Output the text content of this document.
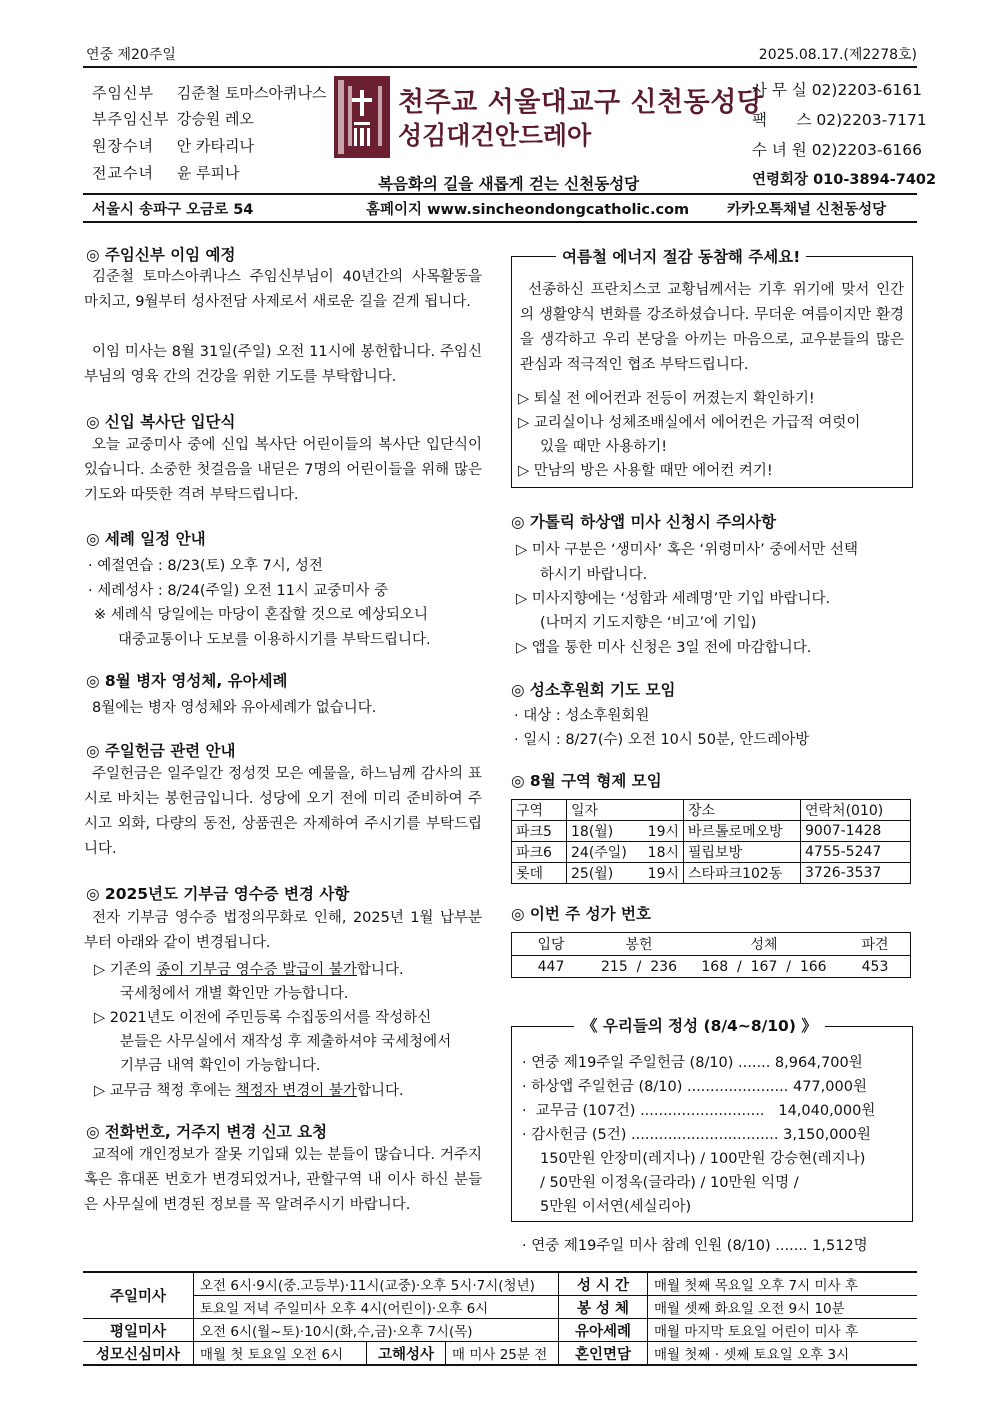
연중 제20주일	2025.08.17.(제2278호)
주임신부 김준철 토마스아퀴나스
부주임신부 강승원 레오
원장수녀 안 카타리나
전교수녀 윤 루피나
천주교 서울대교구 신천동성당
성김대건안드레아
복음화의 길을 새롭게 걷는 신천동성당
사 무 실 02)2203-6161
팩      스 02)2203-7171
수 녀 원 02)2203-6166
연령회장 010-3894-7402
서울시 송파구 오금로 54	홈페이지 www.sincheondongcatholic.com	카카오톡채널 신천동성당
◎ 주임신부 이임 예정
김준철 토마스아퀴나스 주임신부님이 40년간의 사목활동을 마치고, 9월부터 성사전담 사제로서 새로운 길을 걷게 됩니다.
이임 미사는 8월 31일(주일) 오전 11시에 봉헌합니다. 주임신부님의 영육 간의 건강을 위한 기도를 부탁합니다.
◎ 신입 복사단 입단식
오늘 교중미사 중에 신입 복사단 어린이들의 복사단 입단식이 있습니다. 소중한 첫걸음을 내딛은 7명의 어린이들을 위해 많은 기도와 따뜻한 격려 부탁드립니다.
◎ 세례 일정 안내
· 예절연습 : 8/23(토) 오후 7시, 성전
· 세례성사 : 8/24(주일) 오전 11시 교중미사 중
※ 세례식 당일에는 마당이 혼잡할 것으로 예상되오니
대중교통이나 도보를 이용하시기를 부탁드립니다.
◎ 8월 병자 영성체, 유아세례
8월에는 병자 영성체와 유아세례가 없습니다.
◎ 주일헌금 관련 안내
주일헌금은 일주일간 정성껏 모은 예물을, 하느님께 감사의 표시로 바치는 봉헌금입니다. 성당에 오기 전에 미리 준비하여 주시고 외화, 다량의 동전, 상품권은 자제하여 주시기를 부탁드립니다.
◎ 2025년도 기부금 영수증 변경 사항
전자 기부금 영수증 법정의무화로 인해, 2025년 1월 납부분부터 아래와 같이 변경됩니다.
▷ 기존의 종이 기부금 영수증 발급이 불가합니다.
국세청에서 개별 확인만 가능합니다.
▷ 2021년도 이전에 주민등록 수집동의서를 작성하신
분들은 사무실에서 재작성 후 제출하셔야 국세청에서
기부금 내역 확인이 가능합니다.
▷ 교무금 책정 후에는 책정자 변경이 불가합니다.
◎ 전화번호, 거주지 변경 신고 요청
교적에 개인정보가 잘못 기입돼 있는 분들이 많습니다. 거주지 혹은 휴대폰 번호가 변경되었거나, 관할구역 내 이사 하신 분들은 사무실에 변경된 정보를 꼭 알려주시기 바랍니다.
여름철 에너지 절감 동참해 주세요!
선종하신 프란치스코 교황님께서는 기후 위기에 맞서 인간의 생활양식 변화를 강조하셨습니다. 무더운 여름이지만 환경을 생각하고 우리 본당을 아끼는 마음으로, 교우분들의 많은 관심과 적극적인 협조 부탁드립니다.
▷ 퇴실 전 에어컨과 전등이 꺼졌는지 확인하기!
▷ 교리실이나 성체조배실에서 에어컨은 가급적 여럿이
있을 때만 사용하기!
▷ 만남의 방은 사용할 때만 에어컨 켜기!
◎ 가톨릭 하상앱 미사 신청시 주의사항
▷ 미사 구분은 ‘생미사’ 혹은 ‘위령미사’ 중에서만 선택
하시기 바랍니다.
▷ 미사지향에는 ‘성함과 세례명’만 기입 바랍니다.
(나머지 기도지향은 ‘비고’에 기입)
▷ 앱을 통한 미사 신청은 3일 전에 마감합니다.
◎ 성소후원회 기도 모임
· 대상 : 성소후원회원
· 일시 : 8/27(수) 오전 10시 50분, 안드레아방
◎ 8월 구역 형제 모임
구역	일자		장소	연락처(010)
파크5	18(월)	19시	바르톨로메오방	9007-1428
파크6	24(주일)	18시	필립보방	4755-5247
롯데	25(월)	19시	스타파크102동	3726-3537
◎ 이번 주 성가 번호
입당	봉헌	성체	파견
447	215  /  236	168  /  167  /  166	453
《 우리들의 정성 (8/4~8/10) 》
· 연중 제19주일 주일헌금 (8/10) ....... 8,964,700원
· 하상앱 주일헌금 (8/10) ...................... 477,000원
·  교무금 (107건) ...........................   14,040,000원
· 감사헌금 (5건) ................................ 3,150,000원
150만원 안장미(레지나) / 100만원 강승현(레지나)
/ 50만원 이정옥(글라라) / 10만원 익명 /
5만원 이서연(세실리아)
· 연중 제19주일 미사 참례 인원 (8/10) ....... 1,512명
주일미사	오전 6시·9시(중.고등부)·11시(교중)·오후 5시·7시(청년)			성 시 간	매월 첫째 목요일 오후 7시 미사 후
	토요일 저녁 주일미사 오후 4시(어린이)·오후 6시			봉 성 체	매월 셋째 화요일 오전 9시 10분
평일미사	오전 6시(월~토)·10시(화,수,금)·오후 7시(목)			유아세례	매월 마지막 토요일 어린이 미사 후
성모신심미사	매월 첫 토요일 오전 6시	고해성사	매 미사 25분 전	혼인면담	매월 첫째 · 셋째 토요일 오후 3시
